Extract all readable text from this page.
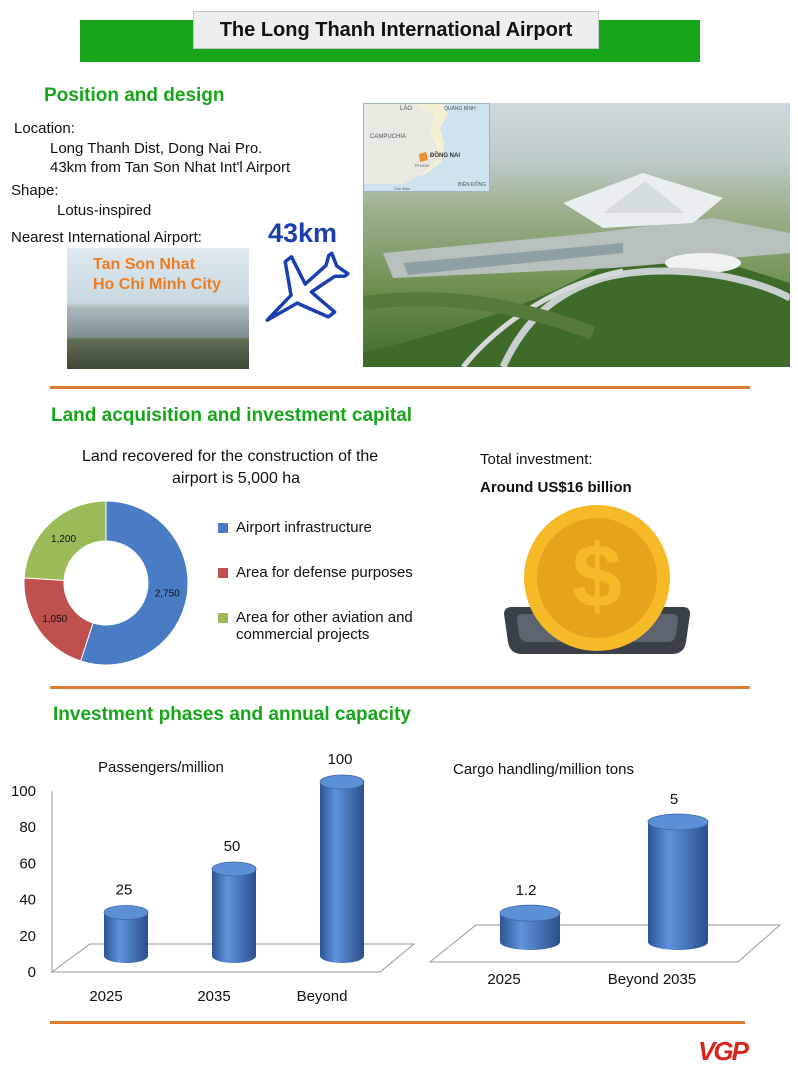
The Long Thanh International Airport
Position and design
Location:
Long Thanh Dist, Dong Nai Pro.
43km from Tan Son Nhat Int'l Airport
Shape:
Lotus-inspired
Nearest International Airport:
Tan Son Nhat
Ho Chi Minh City
43km
LÀO	QUẢNG BÌNH
CAMPUCHIA
ĐỒNG NAI
TP.HCM
BIỂN ĐÔNG
Côn Đảo
Land acquisition and investment capital
Land recovered for the construction of the
airport is 5,000 ha
2,750
1,050
1,200
Airport infrastructure
Area for defense purposes
Area for other aviation and commercial projects
Total investment:
Around US$16 billion
$
Investment phases and annual capacity
Passengers/million
0
20
40
60
80
100
25
2025
50
2035
100
Beyond
Cargo handling/million tons
1.2
2025
5
Beyond 2035
VGP
